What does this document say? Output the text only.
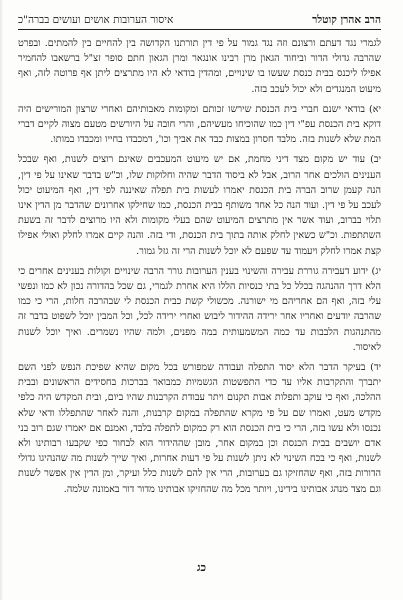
הרב אהרן קוטלר
איסור הערובות אושים ועושים בברה"כ

לגמרי נגד דעתם ורצונם וזה נגד גמור על פי דין תורתנו הקדושה בין להחיים בין להמתים. ובפרט שהרבה גדולי הדור וביחוד הגאון מרן רבינו אונגאר ומרן הגאון חתם סופר זצ"ל ברשאבו להחמיר אפילו ליכנס בבית כנסת שעשו בו שינויים, ומהדין בודאי לא היו מתרצים ליתן אף פרוטה לזה, ואף מיעוט המנגדים ולא יכול לעכב בזה.

יא) בודאי ישנם חברי בית הכנסת שירשו זכותם ומקומות מאבותיהם ואחרי שרצון המורישים היה דוקא בית הכנסת עפ"י דין כמו שהוכיחו מעשיהם, והרי חובה על היורשים מטעם מצוה לקיים דברי המת שלא לשנות בזה. מלבד חסרון במצות כבד את אביך וכו', דמכבדו בחייו ומכבדו במותו.

יב) עוד יש מקום מצד דיני מחמת, אם יש מיעוט המעכבים שאינם רוצים לשנות, ואף שבכל הענינים הולכים אחר הרוב, אבל לא ביסוד הדבר שהיה וחלוקות שלו, וכ"ש בדבר שאינו על פי דין, הנה קעמן שרוב הברה בית הכנסת יאמרו לעשות בית תפלה שאיננה לפי דין, ואף המיעוט יכול לעכב על פי דין. ועוד הנה כל אחד משותף בבית הכנסת, כמו שחילקו אחרונים שהדבר מן הדין אינו תלוי בברוב, ועוד אשר אין מתרצים המיעוט שהם בעלי מקומות ולא היו מרוצים לדבר זה בשעת השתתפות. וכ"ש כשאין לחלק אותה בתוך בית הכנסת, ודי בזה. והנה קיים אמרו לחלק ואולי אפילו קצת אמרו לחלק ויעמוד עד שפעם לא יוכל לשנות הרי זה גזל גמור.

יג) ידוע דעבירה גוררת עבירה והשינוי בענין הערובות גורר הרבה שינויים וקולות בענינים אחרים כי הלא דרך ההנהגה בכלל כל בתי כנסיות הללו היא אחרת לגמרי, גם שכל בהדורה נכון לא כמו ונפשי עלי בזה, ואף הם אחריהם מי ישורנה. מכשולי קשת כבית הכנסת לי שבהרבה חלות, הרי כי כמו שהרבה יודעים ואחריו אחר ירידה ההידור ליבוש ואחרי ירידה לכל, וכל המבין יוכל לשפוט בדבר זה מהתנהגות הלבבות עד כמה המשמעותית במה מפנים, ולמה שהיו נשמרים. ואיך יוכל לשנות לאיסור.

יד) בעיקר הדבר הלא יסוד התפלה ועבודה שמפורש בכל מקום שהיא שפיכת הנפש לפני השם יתברך והתקרבות אליו עד כדי התפשטות הגשמיות כמבואר בברכות בחסידים הראשונים ובבית ההלכה, ואף כי עוקב ותפלות אבות תקנום ויתר עבודת הקרבנות שהיו ביום, ובית המקדש היה כלפי מקדש מעט, ואמרו שם על פי מקרא שהתפלה במקום קרבנות, והנה לאחר שהתפללו ודאי שלא נכנסו ולא עשו בזה, הרי כי בית הכנסת הוא רק כמקום לתפלה בלבד, ואמנם אם יאמרו שגם רוב בני אדם יושבים בבית הכנסת וכן במקום אחר, מובן שההידור הוא לבחור כפי שקבעו רבותינו ולא לשנות, ואף כי בכח השינוי לא ניתן לשנות על פי דעות אחרות, ואיך שייך לשנות מה שהנהיגו גדולי הדורות בזה, ואף שהחזיקו גם בערובות, הרי אין להם לשנות כלל ועיקר, ומן הדין אין אפשר לשנות וגם מצד מנהג אבותינו בידינו, ויותר מכל מה שהחזיקו אבותינו מדור דור באמונה שלמה.

כג
